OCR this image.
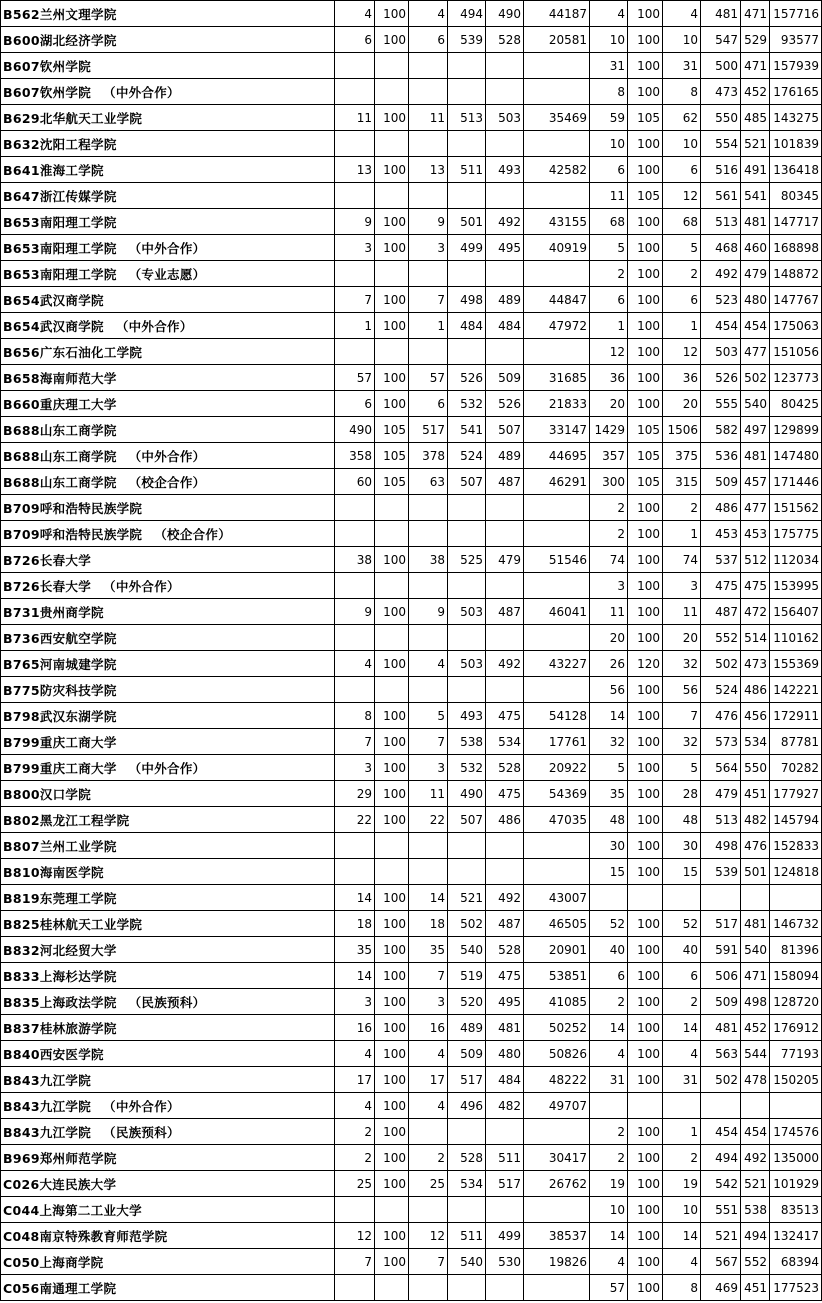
B562兰州文理学院	4	100	4	494	490	44187	4	100	4	481	471	157716
B600湖北经济学院	6	100	6	539	528	20581	10	100	10	547	529	93577
B607钦州学院							31	100	31	500	471	157939
B607钦州学院 （中外合作）							8	100	8	473	452	176165
B629北华航天工业学院	11	100	11	513	503	35469	59	105	62	550	485	143275
B632沈阳工程学院							10	100	10	554	521	101839
B641淮海工学院	13	100	13	511	493	42582	6	100	6	516	491	136418
B647浙江传媒学院							11	105	12	561	541	80345
B653南阳理工学院	9	100	9	501	492	43155	68	100	68	513	481	147717
B653南阳理工学院 （中外合作）	3	100	3	499	495	40919	5	100	5	468	460	168898
B653南阳理工学院 （专业志愿）							2	100	2	492	479	148872
B654武汉商学院	7	100	7	498	489	44847	6	100	6	523	480	147767
B654武汉商学院 （中外合作）	1	100	1	484	484	47972	1	100	1	454	454	175063
B656广东石油化工学院							12	100	12	503	477	151056
B658海南师范大学	57	100	57	526	509	31685	36	100	36	526	502	123773
B660重庆理工大学	6	100	6	532	526	21833	20	100	20	555	540	80425
B688山东工商学院	490	105	517	541	507	33147	1429	105	1506	582	497	129899
B688山东工商学院 （中外合作）	358	105	378	524	489	44695	357	105	375	536	481	147480
B688山东工商学院 （校企合作）	60	105	63	507	487	46291	300	105	315	509	457	171446
B709呼和浩特民族学院							2	100	2	486	477	151562
B709呼和浩特民族学院 （校企合作）							2	100	1	453	453	175775
B726长春大学	38	100	38	525	479	51546	74	100	74	537	512	112034
B726长春大学 （中外合作）							3	100	3	475	475	153995
B731贵州商学院	9	100	9	503	487	46041	11	100	11	487	472	156407
B736西安航空学院							20	100	20	552	514	110162
B765河南城建学院	4	100	4	503	492	43227	26	120	32	502	473	155369
B775防灾科技学院							56	100	56	524	486	142221
B798武汉东湖学院	8	100	5	493	475	54128	14	100	7	476	456	172911
B799重庆工商大学	7	100	7	538	534	17761	32	100	32	573	534	87781
B799重庆工商大学 （中外合作）	3	100	3	532	528	20922	5	100	5	564	550	70282
B800汉口学院	29	100	11	490	475	54369	35	100	28	479	451	177927
B802黑龙江工程学院	22	100	22	507	486	47035	48	100	48	513	482	145794
B807兰州工业学院							30	100	30	498	476	152833
B810海南医学院							15	100	15	539	501	124818
B819东莞理工学院	14	100	14	521	492	43007						
B825桂林航天工业学院	18	100	18	502	487	46505	52	100	52	517	481	146732
B832河北经贸大学	35	100	35	540	528	20901	40	100	40	591	540	81396
B833上海杉达学院	14	100	7	519	475	53851	6	100	6	506	471	158094
B835上海政法学院 （民族预科）	3	100	3	520	495	41085	2	100	2	509	498	128720
B837桂林旅游学院	16	100	16	489	481	50252	14	100	14	481	452	176912
B840西安医学院	4	100	4	509	480	50826	4	100	4	563	544	77193
B843九江学院	17	100	17	517	484	48222	31	100	31	502	478	150205
B843九江学院 （中外合作）	4	100	4	496	482	49707						
B843九江学院 （民族预科）	2	100					2	100	1	454	454	174576
B969郑州师范学院	2	100	2	528	511	30417	2	100	2	494	492	135000
C026大连民族大学	25	100	25	534	517	26762	19	100	19	542	521	101929
C044上海第二工业大学							10	100	10	551	538	83513
C048南京特殊教育师范学院	12	100	12	511	499	38537	14	100	14	521	494	132417
C050上海商学院	7	100	7	540	530	19826	4	100	4	567	552	68394
C056南通理工学院							57	100	8	469	451	177523
